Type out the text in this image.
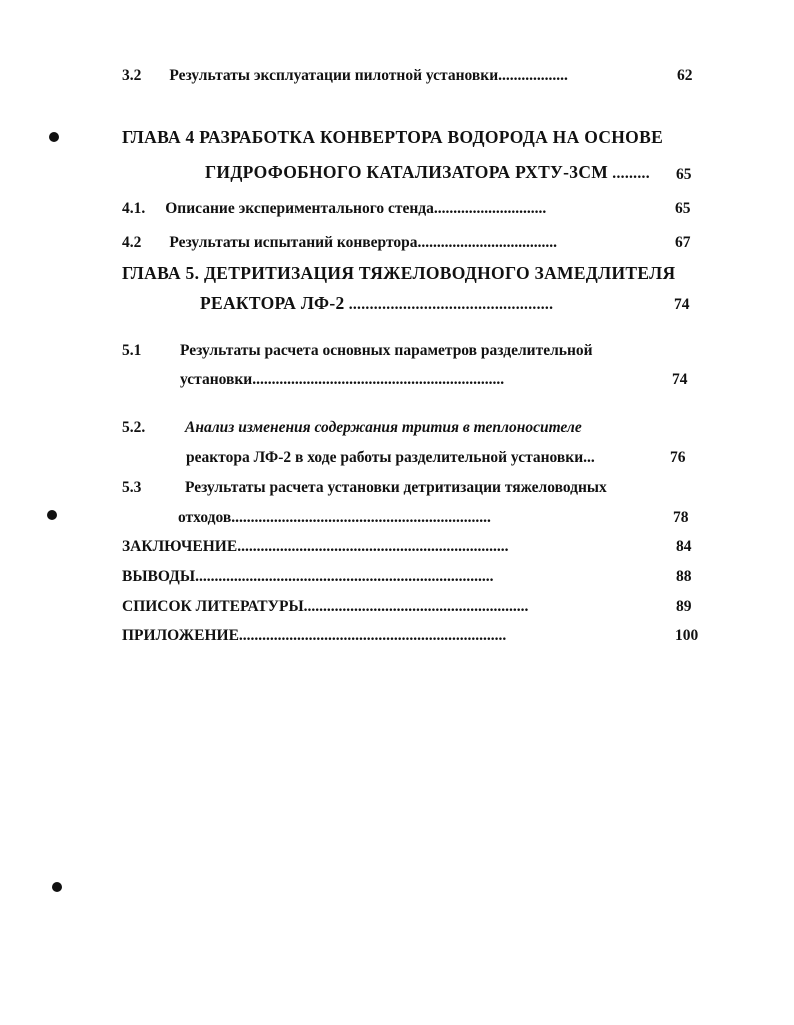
3.2 Результаты эксплуатации пилотной установки..................	62
ГЛАВА 4 РАЗРАБОТКА КОНВЕРТОРА ВОДОРОДА НА ОСНОВЕ
ГИДРОФОБНОГО КАТАЛИЗАТОРА РХТУ-3СМ ......... 65
4.1. Описание экспериментального стенда.............................	65
4.2 Результаты испытаний конвертора....................................	67
ГЛАВА 5. ДЕТРИТИЗАЦИЯ ТЯЖЕЛОВОДНОГО ЗАМЕДЛИТЕЛЯ
РЕАКТОРА ЛФ-2 .................................................	74
5.1 Результаты расчета основных параметров разделительной
установки.................................................................	74
5.2.	Анализ изменения содержания трития в теплоносителе
реактора ЛФ-2 в ходе работы разделительной установки...	76
5.3	Результаты расчета установки детритизации тяжеловодных
отходов...................................................................	78
ЗАКЛЮЧЕНИЕ......................................................................	84
ВЫВОДЫ.............................................................................	88
СПИСОК ЛИТЕРАТУРЫ..........................................................	89
ПРИЛОЖЕНИЕ.....................................................................	100
